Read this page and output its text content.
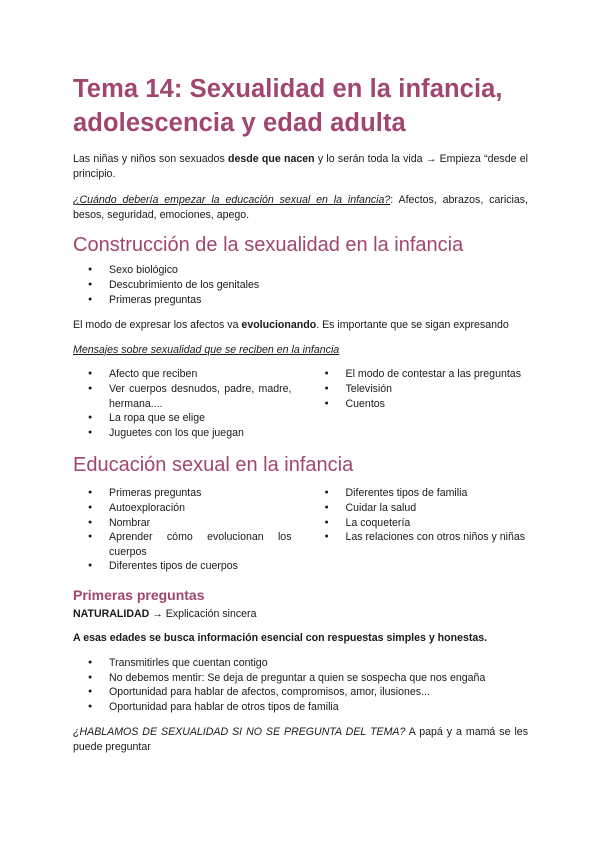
Tema 14: Sexualidad en la infancia, adolescencia y edad adulta

Las niñas y niños son sexuados desde que nacen y lo serán toda la vida → Empieza “desde el principio.

¿Cuándo debería empezar la educación sexual en la infancia?: Afectos, abrazos, caricias, besos, seguridad, emociones, apego.

Construcción de la sexualidad en la infancia
● Sexo biológico
● Descubrimiento de los genitales
● Primeras preguntas

El modo de expresar los afectos va evolucionando. Es importante que se sigan expresando

Mensajes sobre sexualidad que se reciben en la infancia

● Afecto que reciben
● Ver cuerpos desnudos, padre, madre, hermana....
● La ropa que se elige
● Juguetes con los que juegan
● El modo de contestar a las preguntas
● Televisión
● Cuentos
Educación sexual en la infancia
● Primeras preguntas
● Autoexploración
● Nombrar
● Aprender cómo evolucionan los cuerpos
● Diferentes tipos de cuerpos
● Diferentes tipos de familia
● Cuidar la salud
● La coquetería
● Las relaciones con otros niños y niñas
Primeras preguntas

NATURALIDAD → Explicación sincera

A esas edades se busca información esencial con respuestas simples y honestas.

● Transmitirles que cuentan contigo
● No debemos mentir: Se deja de preguntar a quien se sospecha que nos engaña
● Oportunidad para hablar de afectos, compromisos, amor, ilusiones...
● Oportunidad para hablar de otros tipos de familia

¿HABLAMOS DE SEXUALIDAD SI NO SE PREGUNTA DEL TEMA? A papá y a mamá se les puede preguntar
